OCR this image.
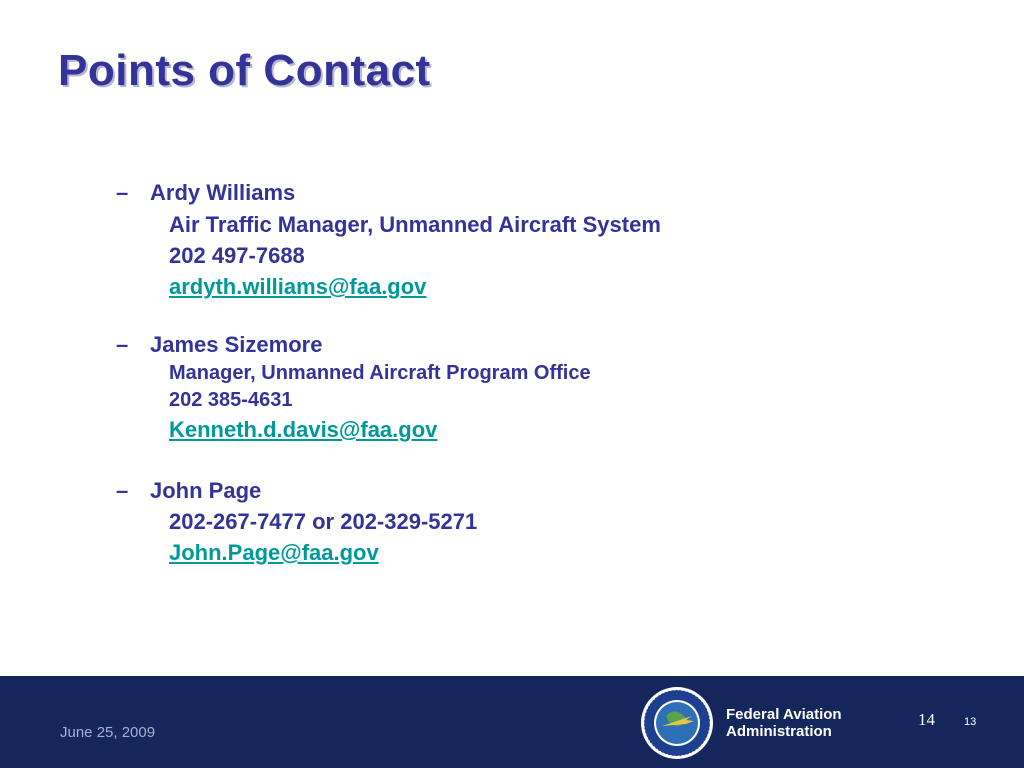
Points of Contact
– Ardy Williams
Air Traffic Manager, Unmanned Aircraft System
202 497-7688
ardyth.williams@faa.gov
– James Sizemore
Manager, Unmanned Aircraft Program Office
202 385-4631
Kenneth.d.davis@faa.gov
– John Page
202-267-7477 or 202-329-5271
John.Page@faa.gov
June 25, 2009
Federal Aviation
Administration
14	13
